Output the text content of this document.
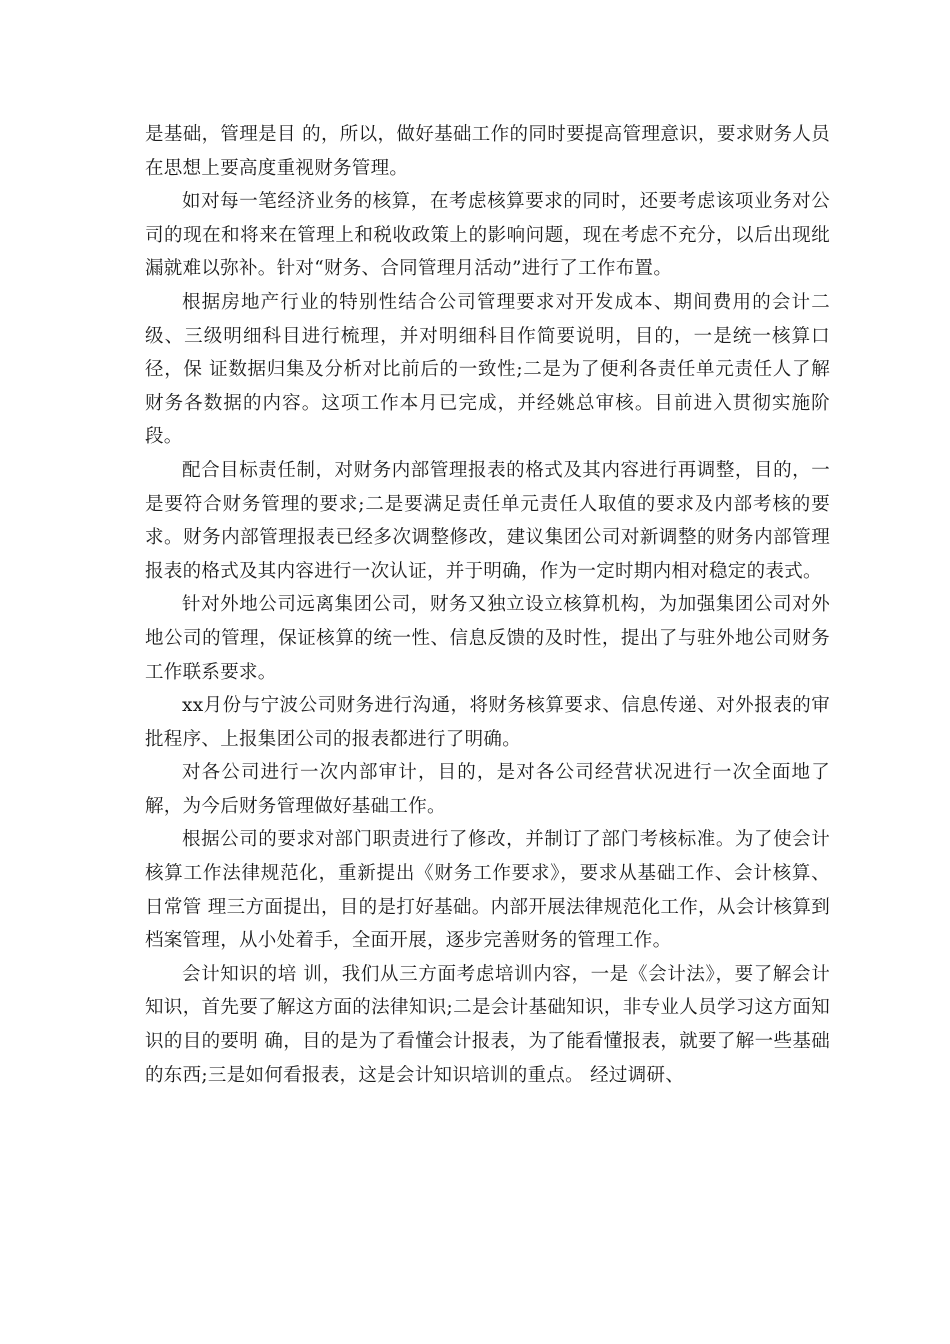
是基础，管理是目 的，所以，做好基础工作的同时要提高管理意识，要求财务人员在思想上要高度重视财务管理。

如对每一笔经济业务的核算，在考虑核算要求的同时，还要考虑该项业务对公司的现在和将来在管理上和税收政策上的影响问题，现在考虑不充分，以后出现纰漏就难以弥补。针对“财务、合同管理月活动”进行了工作布置。

根据房地产行业的特别性结合公司管理要求对开发成本、期间费用的会计二级、三级明细科目进行梳理，并对明细科目作简要说明，目的，一是统一核算口径，保 证数据归集及分析对比前后的一致性;二是为了便利各责任单元责任人了解财务各数据的内容。这项工作本月已完成，并经姚总审核。目前进入贯彻实施阶段。

配合目标责任制，对财务内部管理报表的格式及其内容进行再调整，目的，一是要符合财务管理的要求;二是要满足责任单元责任人取值的要求及内部考核的要 求。财务内部管理报表已经多次调整修改，建议集团公司对新调整的财务内部管理报表的格式及其内容进行一次认证，并于明确，作为一定时期内相对稳定的表式。

针对外地公司远离集团公司，财务又独立设立核算机构，为加强集团公司对外地公司的管理，保证核算的统一性、信息反馈的及时性，提出了与驻外地公司财务工作联系要求。

xx月份与宁波公司财务进行沟通，将财务核算要求、信息传递、对外报表的审批程序、上报集团公司的报表都进行了明确。

对各公司进行一次内部审计，目的，是对各公司经营状况进行一次全面地了解，为今后财务管理做好基础工作。

根据公司的要求对部门职责进行了修改，并制订了部门考核标准。为了使会计核算工作法律规范化，重新提出《财务工作要求》，要求从基础工作、会计核算、日常管 理三方面提出，目的是打好基础。内部开展法律规范化工作，从会计核算到档案管理，从小处着手，全面开展，逐步完善财务的管理工作。

会计知识的培 训，我们从三方面考虑培训内容，一是《会计法》，要了解会计知识，首先要了解这方面的法律知识;二是会计基础知识，非专业人员学习这方面知识的目的要明 确，目的是为了看懂会计报表，为了能看懂报表，就要了解一些基础的东西;三是如何看报表，这是会计知识培训的重点。 经过调研、
